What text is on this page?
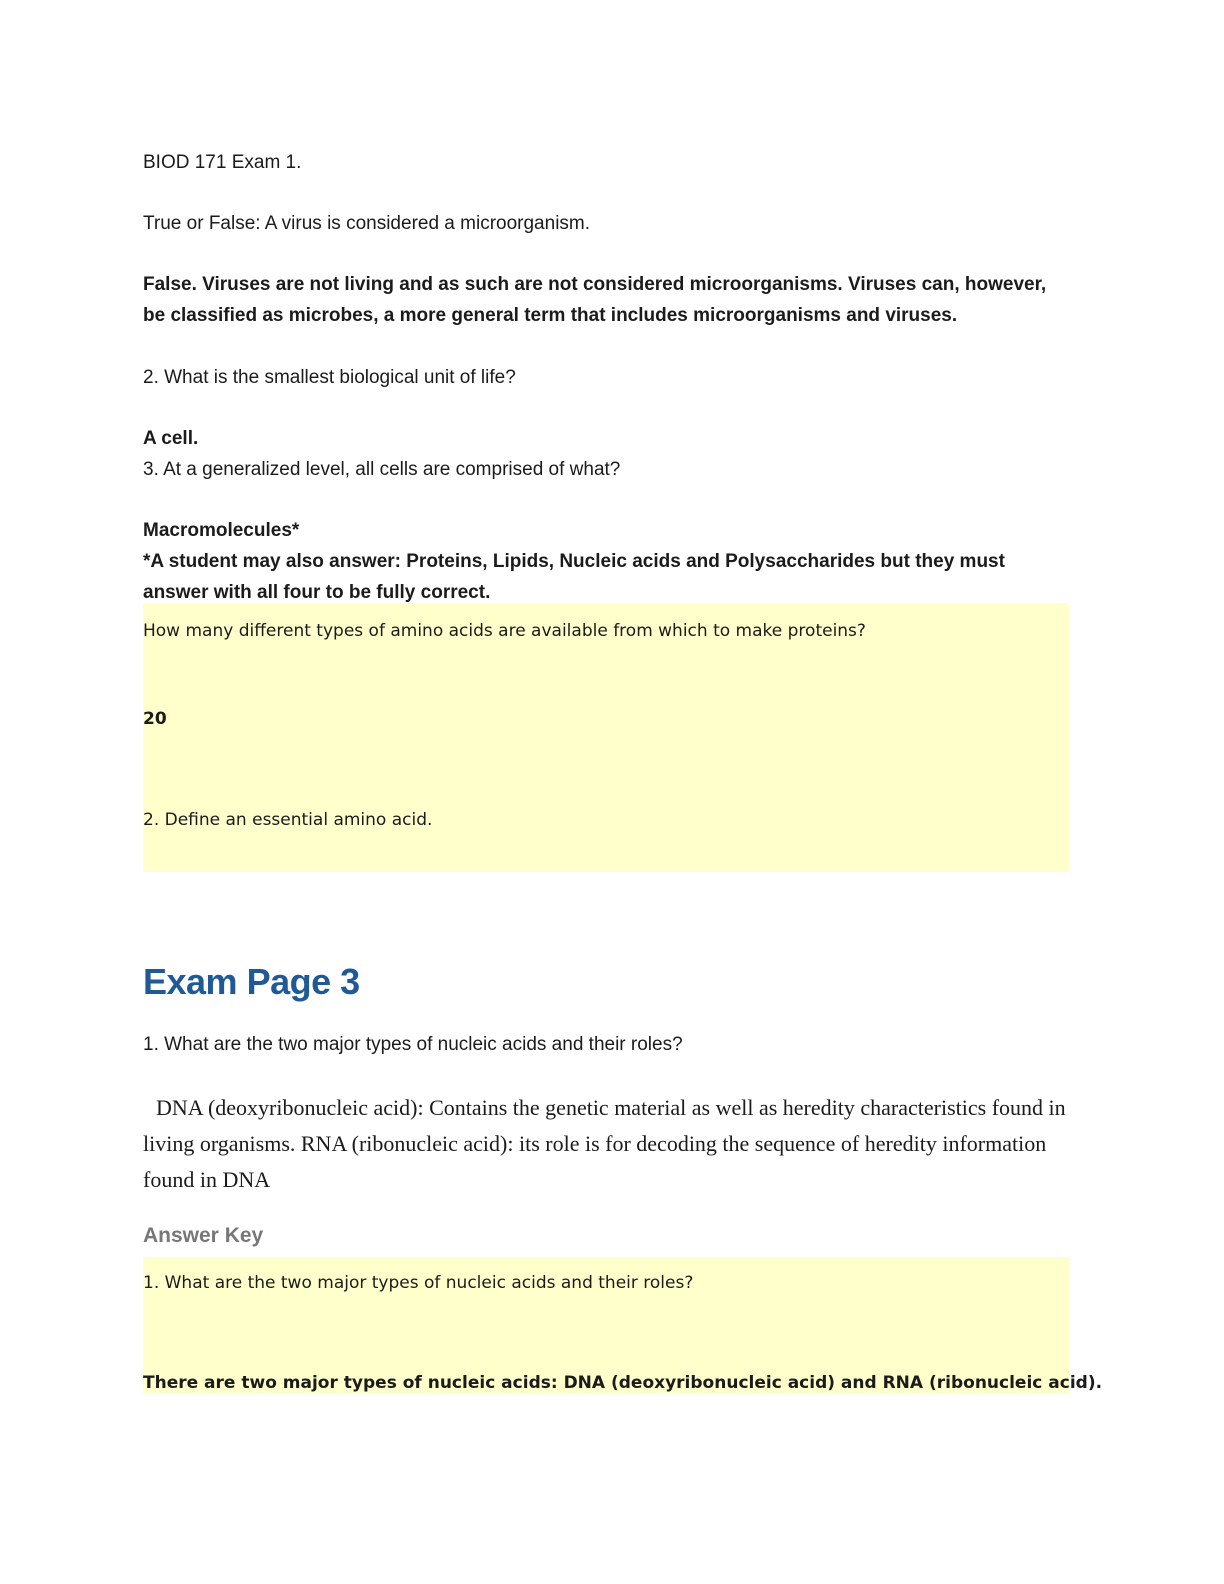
BIOD 171 Exam 1.

True or False: A virus is considered a microorganism.

False. Viruses are not living and as such are not considered microorganisms. Viruses can, however, be classified as microbes, a more general term that includes microorganisms and viruses.

2. What is the smallest biological unit of life?

A cell.

3. At a generalized level, all cells are comprised of what?

Macromolecules*

*A student may also answer: Proteins, Lipids, Nucleic acids and Polysaccharides but they must answer with all four to be fully correct.

How many different types of amino acids are available from which to make proteins?

20

2. Define an essential amino acid.

Exam Page 3

1. What are the two major types of nucleic acids and their roles?

DNA (deoxyribonucleic acid): Contains the genetic material as well as heredity characteristics found in living organisms. RNA (ribonucleic acid): its role is for decoding the sequence of heredity information found in DNA

Answer Key

1. What are the two major types of nucleic acids and their roles?

There are two major types of nucleic acids: DNA (deoxyribonucleic acid) and RNA (ribonucleic acid).
